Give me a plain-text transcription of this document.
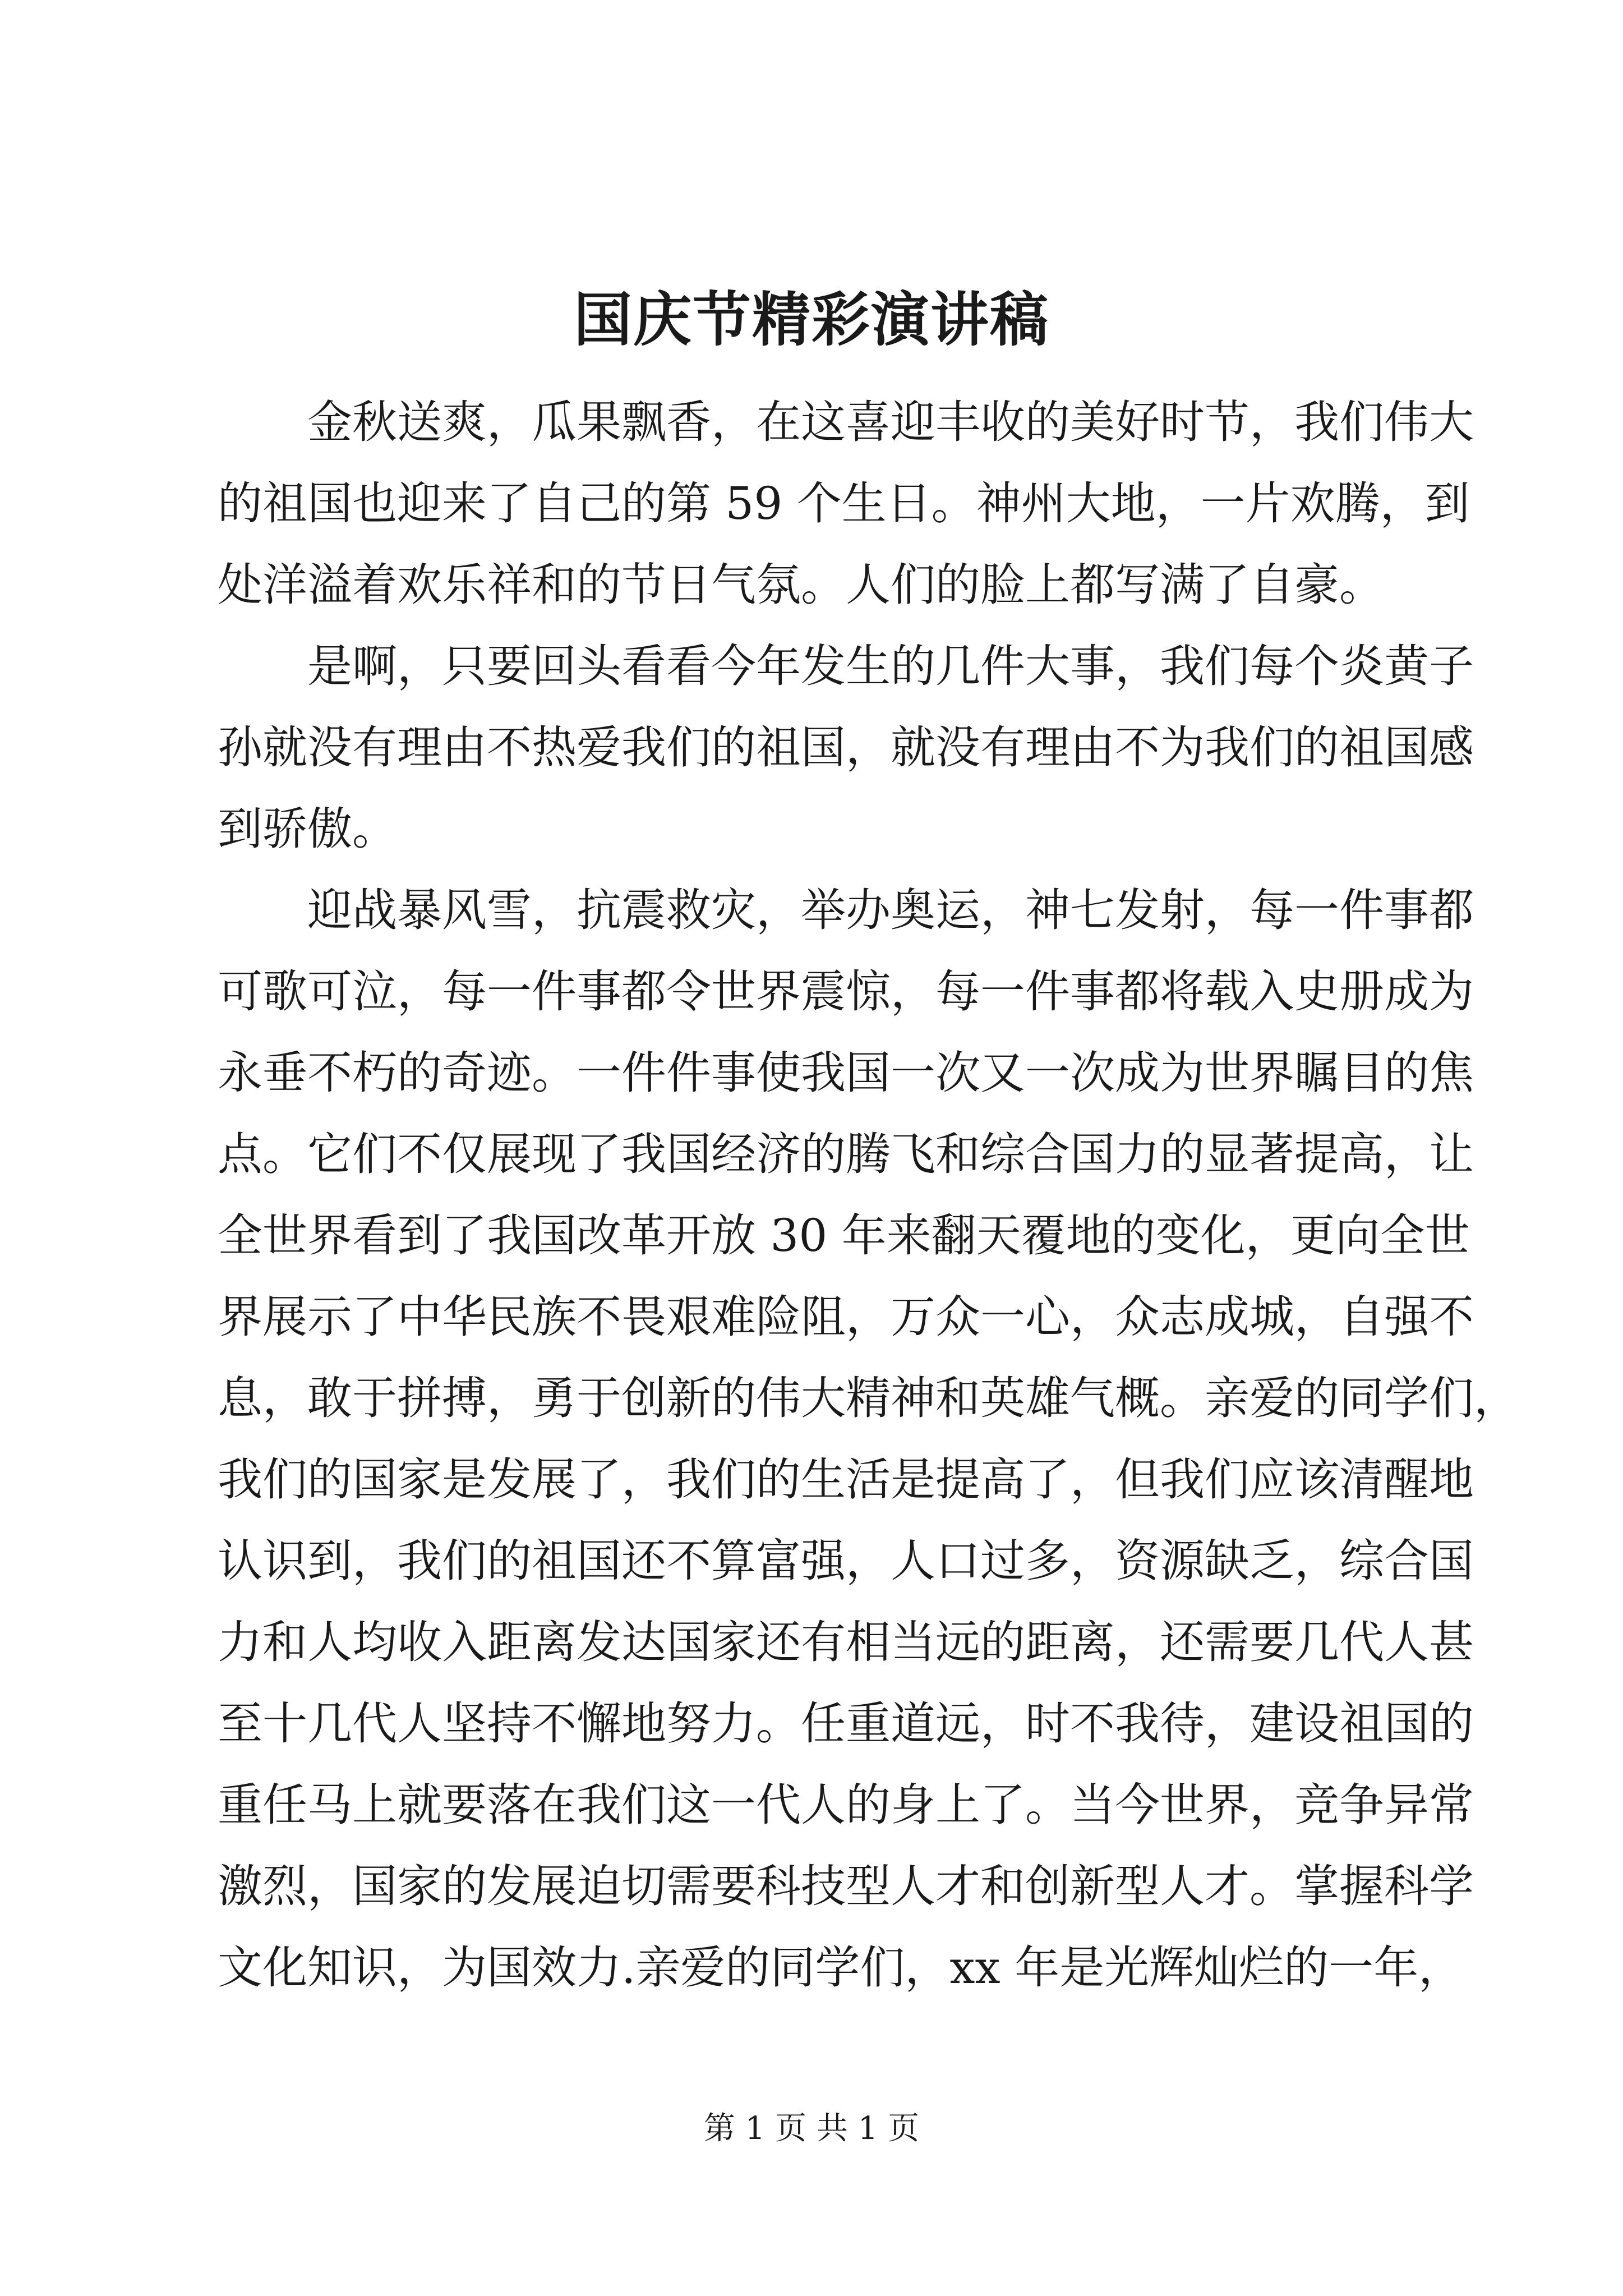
国庆节精彩演讲稿
金秋送爽，瓜果飘香，在这喜迎丰收的美好时节，我们伟大
的祖国也迎来了自己的第 59 个生日。神州大地，一片欢腾，到
处洋溢着欢乐祥和的节日气氛。人们的脸上都写满了自豪。
是啊，只要回头看看今年发生的几件大事，我们每个炎黄子
孙就没有理由不热爱我们的祖国，就没有理由不为我们的祖国感
到骄傲。
迎战暴风雪，抗震救灾，举办奥运，神七发射，每一件事都
可歌可泣，每一件事都令世界震惊，每一件事都将载入史册成为
永垂不朽的奇迹。一件件事使我国一次又一次成为世界瞩目的焦
点。它们不仅展现了我国经济的腾飞和综合国力的显著提高，让
全世界看到了我国改革开放 30 年来翻天覆地的变化，更向全世
界展示了中华民族不畏艰难险阻，万众一心，众志成城，自强不
息，敢于拼搏，勇于创新的伟大精神和英雄气概。亲爱的同学们，
我们的国家是发展了，我们的生活是提高了，但我们应该清醒地
认识到，我们的祖国还不算富强，人口过多，资源缺乏，综合国
力和人均收入距离发达国家还有相当远的距离，还需要几代人甚
至十几代人坚持不懈地努力。任重道远，时不我待，建设祖国的
重任马上就要落在我们这一代人的身上了。当今世界，竞争异常
激烈，国家的发展迫切需要科技型人才和创新型人才。掌握科学
文化知识，为国效力.亲爱的同学们，xx 年是光辉灿烂的一年，
第 1 页 共 1 页
